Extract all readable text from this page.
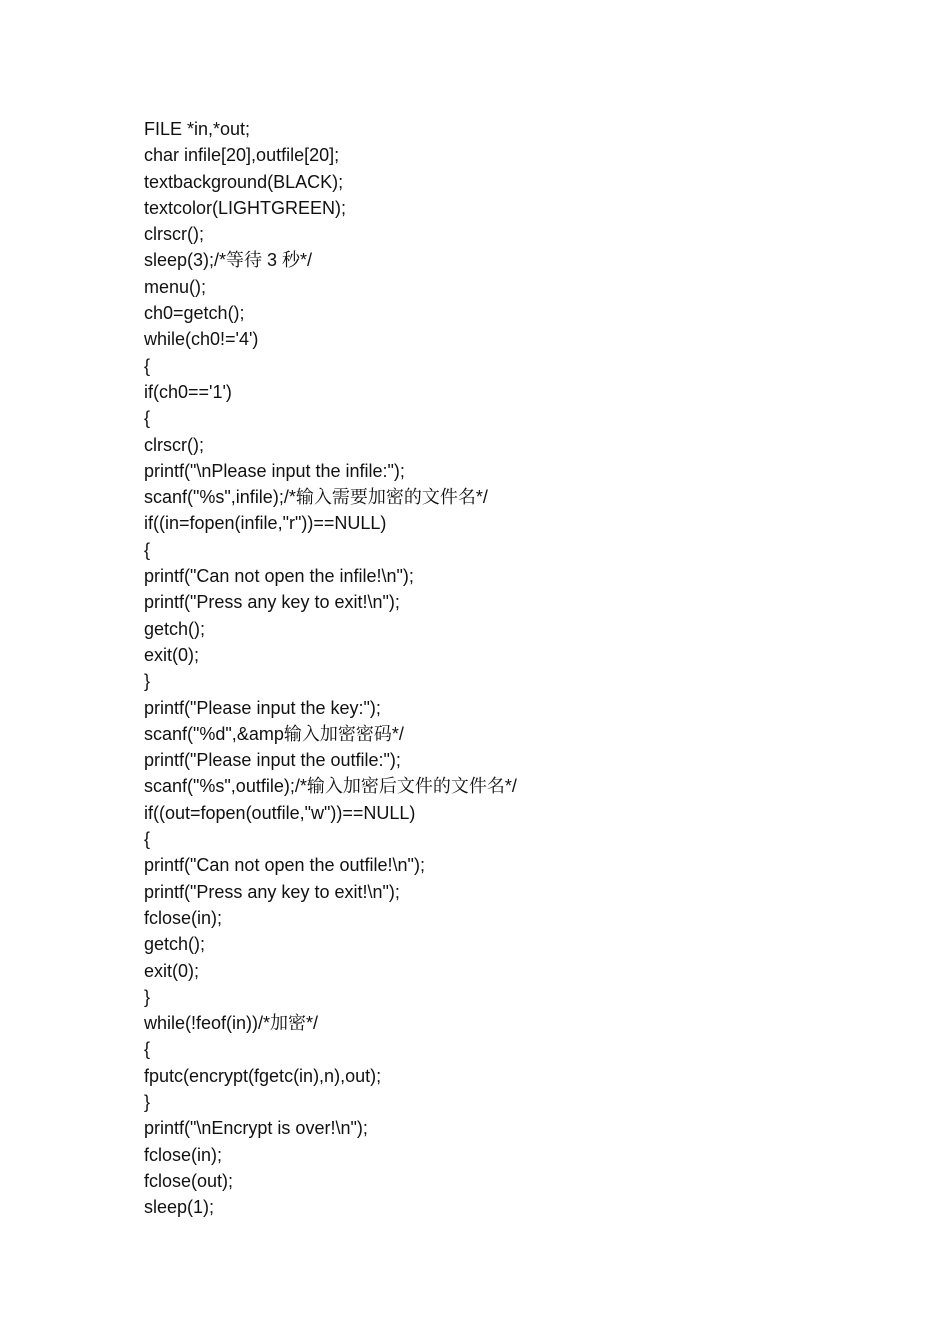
FILE *in,*out;
char infile[20],outfile[20];
textbackground(BLACK);
textcolor(LIGHTGREEN);
clrscr();
sleep(3);/*等待 3 秒*/
menu();
ch0=getch();
while(ch0!='4')
{
if(ch0=='1')
{
clrscr();
printf("\nPlease input the infile:");
scanf("%s",infile);/*输入需要加密的文件名*/
if((in=fopen(infile,"r"))==NULL)
{
printf("Can not open the infile!\n");
printf("Press any key to exit!\n");
getch();
exit(0);
}
printf("Please input the key:");
scanf("%d",&amp输入加密密码*/
printf("Please input the outfile:");
scanf("%s",outfile);/*输入加密后文件的文件名*/
if((out=fopen(outfile,"w"))==NULL)
{
printf("Can not open the outfile!\n");
printf("Press any key to exit!\n");
fclose(in);
getch();
exit(0);
}
while(!feof(in))/*加密*/
{
fputc(encrypt(fgetc(in),n),out);
}
printf("\nEncrypt is over!\n");
fclose(in);
fclose(out);
sleep(1);
